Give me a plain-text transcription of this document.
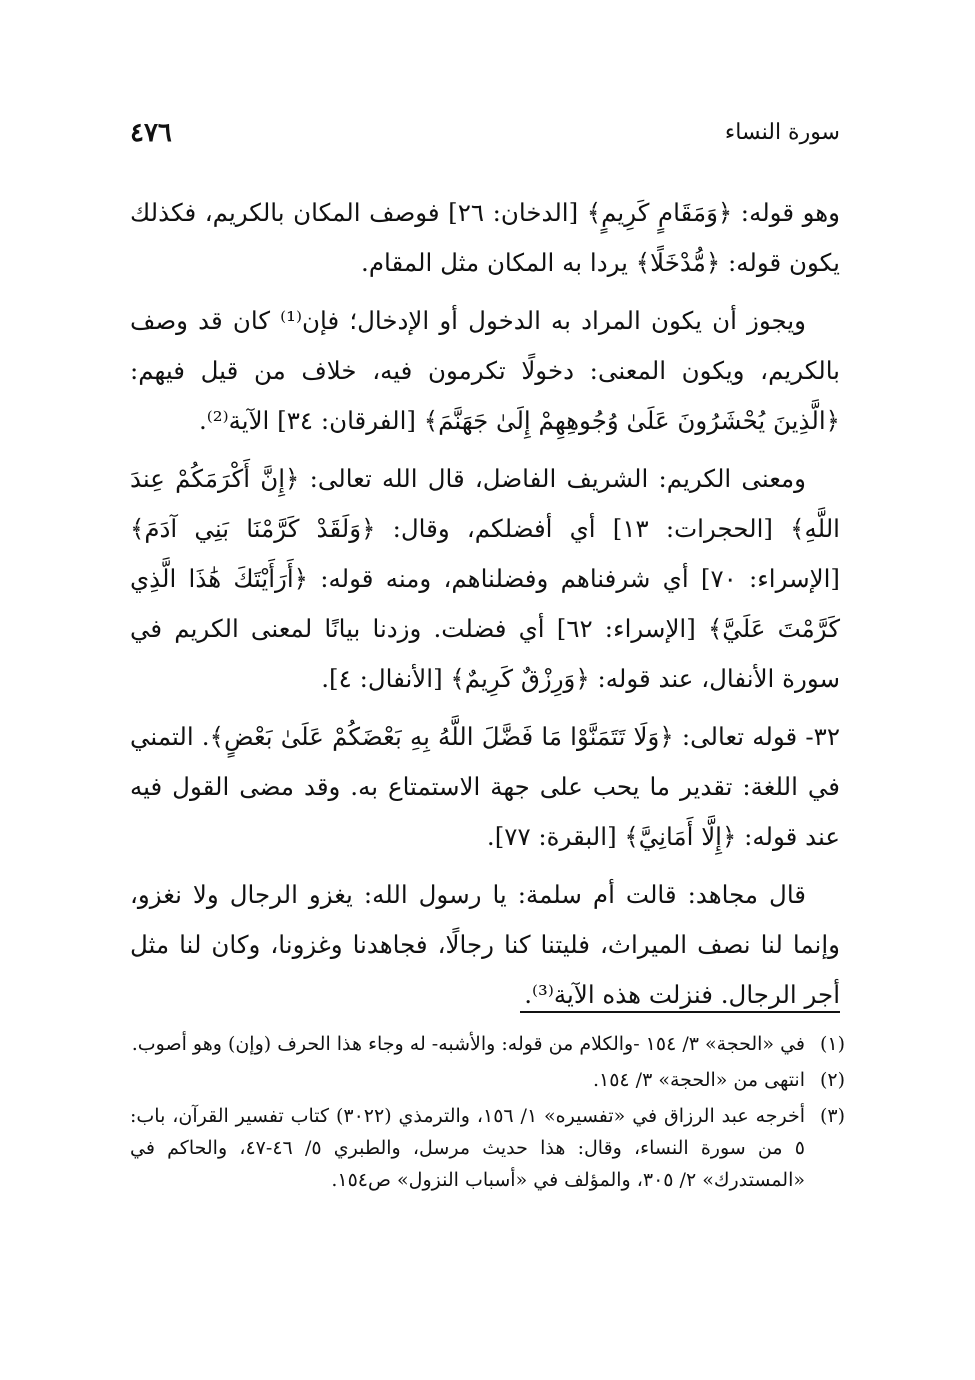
٤٧٦	سورة النساء

وهو قوله: ﴿وَمَقَامٍ كَرِيمٍ﴾ [الدخان: ٢٦] فوصف المكان بالكريم، فكذلك يكون قوله: ﴿مُّدْخَلًا﴾ يردا به المكان مثل المقام.

ويجوز أن يكون المراد به الدخول أو الإدخال؛ فإن⁽¹⁾ كان قد وصف بالكريم، ويكون المعنى: دخولًا تكرمون فيه، خلاف من قيل فيهم: ﴿الَّذِينَ يُحْشَرُونَ عَلَىٰ وُجُوهِهِمْ إِلَىٰ جَهَنَّمَ﴾ [الفرقان: ٣٤] الآية⁽²⁾.

ومعنى الكريم: الشريف الفاضل، قال الله تعالى: ﴿إِنَّ أَكْرَمَكُمْ عِندَ اللَّهِ﴾ [الحجرات: ١٣] أي أفضلكم، وقال: ﴿وَلَقَدْ كَرَّمْنَا بَنِي آدَمَ﴾ [الإسراء: ٧٠] أي شرفناهم وفضلناهم، ومنه قوله: ﴿أَرَأَيْتَكَ هَٰذَا الَّذِي كَرَّمْتَ عَلَيَّ﴾ [الإسراء: ٦٢] أي فضلت. وزدنا بيانًا لمعنى الكريم في سورة الأنفال، عند قوله: ﴿وَرِزْقٌ كَرِيمٌ﴾ [الأنفال: ٤].

٣٢- قوله تعالى: ﴿وَلَا تَتَمَنَّوْا مَا فَضَّلَ اللَّهُ بِهِ بَعْضَكُمْ عَلَىٰ بَعْضٍ﴾. التمني في اللغة: تقدير ما يحب على جهة الاستمتاع به. وقد مضى القول فيه عند قوله: ﴿إِلَّا أَمَانِيَّ﴾ [البقرة: ٧٧].

قال مجاهد: قالت أم سلمة: يا رسول الله: يغزو الرجال ولا نغزو، وإنما لنا نصف الميراث، فليتنا كنا رجالًا، فجاهدنا وغزونا، وكان لنا مثل أجر الرجال. فنزلت هذه الآية⁽³⁾.

(١)
في «الحجة» ٣/ ١٥٤ -والكلام من قوله: والأشبه- له وجاء هذا الحرف (وإن) وهو أصوب.
(٢)
انتهى من «الحجة» ٣/ ١٥٤.
(٣)
أخرجه عبد الرزاق في «تفسيره» ١/ ١٥٦، والترمذي (٣٠٢٢) كتاب تفسير القرآن، باب: ٥ من سورة النساء، وقال: هذا حديث مرسل، والطبري ٥/ ٤٦-٤٧، والحاكم في «المستدرك» ٢/ ٣٠٥، والمؤلف في «أسباب النزول» ص١٥٤.
